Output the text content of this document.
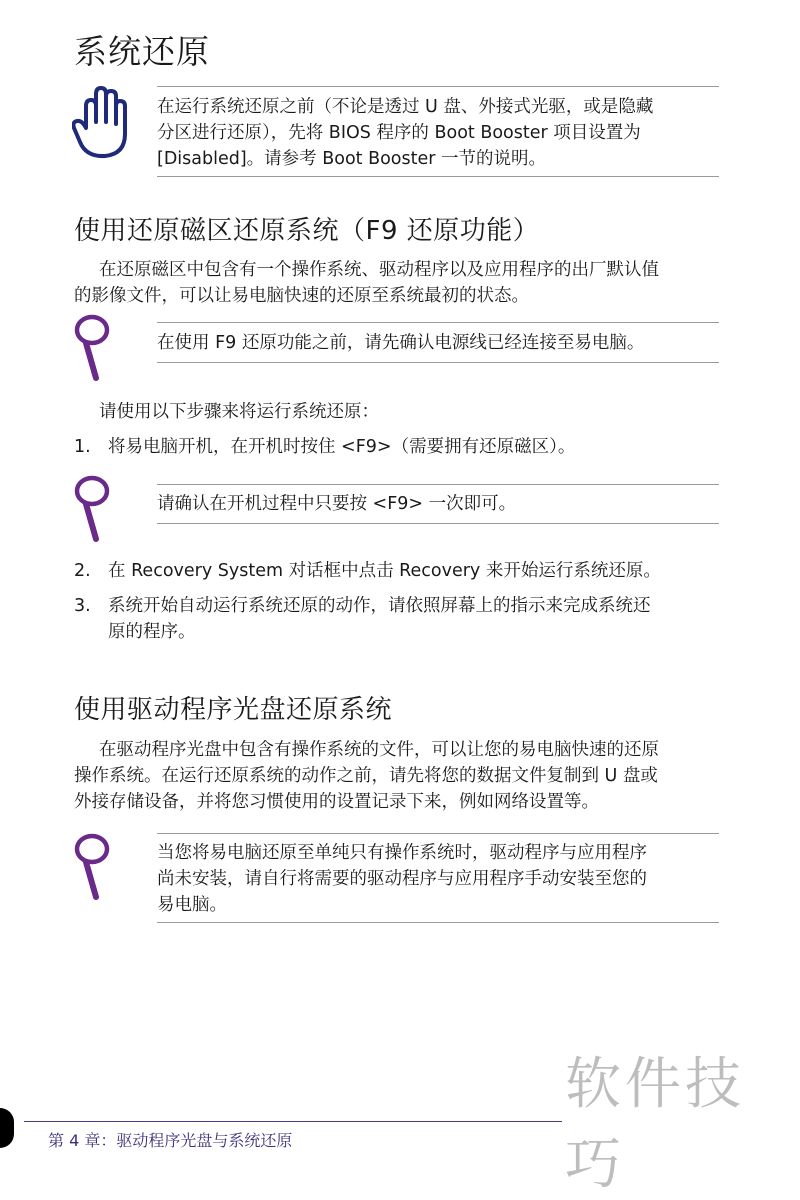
系统还原
在运行系统还原之前（不论是透过 U 盘、外接式光驱，或是隐藏
分区进行还原），先将 BIOS 程序的 Boot Booster 项目设置为
[Disabled]。请参考 Boot Booster 一节的说明。
使用还原磁区还原系统（F9 还原功能）
在还原磁区中包含有一个操作系统、驱动程序以及应用程序的出厂默认值
的影像文件，可以让易电脑快速的还原至系统最初的状态。
在使用 F9 还原功能之前，请先确认电源线已经连接至易电脑。
请使用以下步骤来将运行系统还原：
1. 将易电脑开机，在开机时按住 <F9>（需要拥有还原磁区）。
请确认在开机过程中只要按 <F9> 一次即可。
2. 在 Recovery System 对话框中点击 Recovery 来开始运行系统还原。
3. 系统开始自动运行系统还原的动作，请依照屏幕上的指示来完成系统还
原的程序。
使用驱动程序光盘还原系统
在驱动程序光盘中包含有操作系统的文件，可以让您的易电脑快速的还原
操作系统。在运行还原系统的动作之前，请先将您的数据文件复制到 U 盘或
外接存储设备，并将您习惯使用的设置记录下来，例如网络设置等。
当您将易电脑还原至单纯只有操作系统时，驱动程序与应用程序
尚未安装，请自行将需要的驱动程序与应用程序手动安装至您的
易电脑。
软件技巧
第 4 章：驱动程序光盘与系统还原
